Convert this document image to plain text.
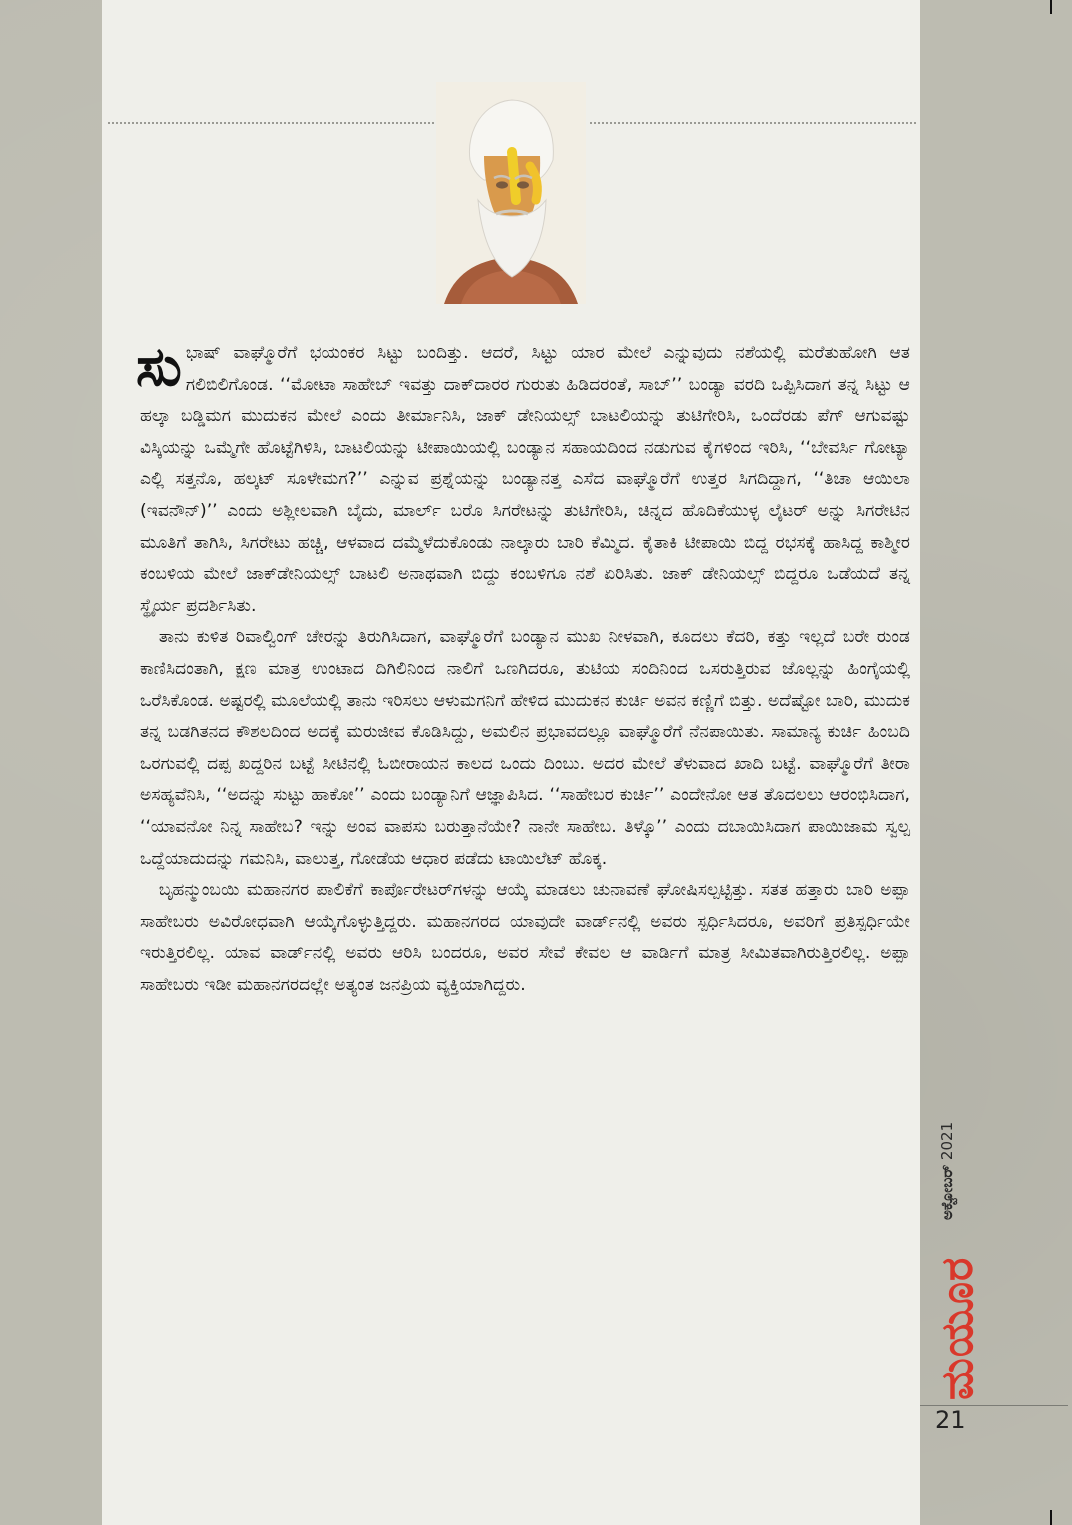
ಸುಭಾಷ್ ವಾಘ್ಮೊರೆಗೆ ಭಯಂಕರ ಸಿಟ್ಟು ಬಂದಿತ್ತು. ಆದರೆ, ಸಿಟ್ಟು ಯಾರ ಮೇಲೆ ಎನ್ನುವುದು ನಶೆಯಲ್ಲಿ ಮರೆತುಹೋಗಿ ಆತ ಗಲಿಬಿಲಿಗೊಂಡ. ‘‘ಮೋಟಾ ಸಾಹೇಬ್ ಇವತ್ತು ದಾಕ್‌ದಾರರ ಗುರುತು ಹಿಡಿದರಂತೆ, ಸಾಬ್’’ ಬಂಡ್ಯಾ ವರದಿ ಒಪ್ಪಿಸಿದಾಗ ತನ್ನ ಸಿಟ್ಟು ಆ ಹಲ್ಕಾ ಬಡ್ಡಿಮಗ ಮುದುಕನ ಮೇಲೆ ಎಂದು ತೀರ್ಮಾನಿಸಿ, ಜಾಕ್ ಡೇನಿಯಲ್ಸ್ ಬಾಟಲಿಯನ್ನು ತುಟಿಗೇರಿಸಿ, ಒಂದೆರಡು ಪೆಗ್ ಆಗುವಷ್ಟು ವಿಸ್ಕಿಯನ್ನು ಒಮ್ಮೆಗೇ ಹೊಟ್ಟೆಗಿಳಿಸಿ, ಬಾಟಲಿಯನ್ನು ಟೀಪಾಯಿಯಲ್ಲಿ ಬಂಡ್ಯಾನ ಸಹಾಯದಿಂದ ನಡುಗುವ ಕೈಗಳಿಂದ ಇರಿಸಿ, ‘‘ಬೇವರ್ಸಿ ಗೋಟ್ಯಾ ಎಲ್ಲಿ ಸತ್ತನೊ, ಹಲ್ಕಟ್ ಸೂಳೇಮಗ?’’ ಎನ್ನುವ ಪ್ರಶ್ನೆಯನ್ನು ಬಂಡ್ಯಾನತ್ತ ಎಸೆದ ವಾಘ್ಮೊರೆಗೆ ಉತ್ತರ ಸಿಗದಿದ್ದಾಗ, ‘‘ತಿಚಾ ಆಯಿಲಾ (ಇವನೌನ್)’’ ಎಂದು ಅಶ್ಲೀಲವಾಗಿ ಬೈದು, ಮಾರ್ಲ್ ಬರೊ ಸಿಗರೇಟನ್ನು ತುಟಿಗೇರಿಸಿ, ಚಿನ್ನದ ಹೊದಿಕೆಯುಳ್ಳ ಲೈಟರ್ ಅನ್ನು ಸಿಗರೇಟಿನ ಮೂತಿಗೆ ತಾಗಿಸಿ, ಸಿಗರೇಟು ಹಚ್ಚಿ, ಆಳವಾದ ದಮ್ಮೆಳೆದುಕೊಂಡು ನಾಲ್ಕಾರು ಬಾರಿ ಕೆಮ್ಮಿದ. ಕೈತಾಕಿ ಟೀಪಾಯಿ ಬಿದ್ದ ರಭಸಕ್ಕೆ ಹಾಸಿದ್ದ ಕಾಶ್ಮೀರ ಕಂಬಳಿಯ ಮೇಲೆ ಜಾಕ್‌ಡೇನಿಯಲ್ಸ್ ಬಾಟಲಿ ಅನಾಥವಾಗಿ ಬಿದ್ದು ಕಂಬಳಿಗೂ ನಶೆ ಏರಿಸಿತು. ಜಾಕ್ ಡೇನಿಯಲ್ಸ್ ಬಿದ್ದರೂ ಒಡೆಯದೆ ತನ್ನ ಸ್ಥೈರ್ಯ ಪ್ರದರ್ಶಿಸಿತು.

ತಾನು ಕುಳಿತ ರಿವಾಲ್ವಿಂಗ್ ಚೇರನ್ನು ತಿರುಗಿಸಿದಾಗ, ವಾಘ್ಮೊರೆಗೆ ಬಂಡ್ಯಾನ ಮುಖ ನೀಳವಾಗಿ, ಕೂದಲು ಕೆದರಿ, ಕತ್ತು ಇಲ್ಲದೆ ಬರೇ ರುಂಡ ಕಾಣಿಸಿದಂತಾಗಿ, ಕ್ಷಣ ಮಾತ್ರ ಉಂಟಾದ ದಿಗಿಲಿನಿಂದ ನಾಲಿಗೆ ಒಣಗಿದರೂ, ತುಟಿಯ ಸಂದಿನಿಂದ ಒಸರುತ್ತಿರುವ ಜೊಲ್ಲನ್ನು ಹಿಂಗೈಯಲ್ಲಿ ಒರೆಸಿಕೊಂಡ. ಅಷ್ಟರಲ್ಲಿ ಮೂಲೆಯಲ್ಲಿ ತಾನು ಇರಿಸಲು ಆಳುಮಗನಿಗೆ ಹೇಳಿದ ಮುದುಕನ ಕುರ್ಚಿ ಅವನ ಕಣ್ಣಿಗೆ ಬಿತ್ತು. ಅದೆಷ್ಟೋ ಬಾರಿ, ಮುದುಕ ತನ್ನ ಬಡಗಿತನದ ಕೌಶಲದಿಂದ ಅದಕ್ಕೆ ಮರುಜೀವ ಕೊಡಿಸಿದ್ದು, ಅಮಲಿನ ಪ್ರಭಾವದಲ್ಲೂ ವಾಘ್ಮೊರೆಗೆ ನೆನಪಾಯಿತು. ಸಾಮಾನ್ಯ ಕುರ್ಚಿ ಹಿಂಬದಿ ಒರಗುವಲ್ಲಿ ದಪ್ಪ ಖದ್ದರಿನ ಬಟ್ಟೆ ಸೀಟಿನಲ್ಲಿ ಓಬೀರಾಯನ ಕಾಲದ ಒಂದು ದಿಂಬು. ಅದರ ಮೇಲೆ ತೆಳುವಾದ ಖಾದಿ ಬಟ್ಟೆ. ವಾಘ್ಮೊರೆಗೆ ತೀರಾ ಅಸಹ್ಯವೆನಿಸಿ, ‘‘ಅದನ್ನು ಸುಟ್ಟು ಹಾಕೋ’’ ಎಂದು ಬಂಡ್ಯಾನಿಗೆ ಆಜ್ಞಾಪಿಸಿದ. ‘‘ಸಾಹೇಬರ ಕುರ್ಚಿ’’ ಎಂದೇನೋ ಆತ ತೊದಲಲು ಆರಂಭಿಸಿದಾಗ, ‘‘ಯಾವನೋ ನಿನ್ನ ಸಾಹೇಬ? ಇನ್ನು ಅಂವ ವಾಪಸು ಬರುತ್ತಾನೆಯೇ? ನಾನೇ ಸಾಹೇಬ. ತಿಳ್ಕೊ’’ ಎಂದು ದಬಾಯಿಸಿದಾಗ ಪಾಯಿಜಾಮ ಸ್ವಲ್ಪ ಒದ್ದೆಯಾದುದನ್ನು ಗಮನಿಸಿ, ವಾಲುತ್ತ, ಗೋಡೆಯ ಆಧಾರ ಪಡೆದು ಟಾಯಿಲೆಟ್ ಹೊಕ್ಕ.

ಬೃಹನ್ಮುಂಬಯಿ ಮಹಾನಗರ ಪಾಲಿಕೆಗೆ ಕಾರ್ಪೊರೇಟರ್‌ಗಳನ್ನು ಆಯ್ಕೆ ಮಾಡಲು ಚುನಾವಣೆ ಘೋಷಿಸಲ್ಪಟ್ಟಿತ್ತು. ಸತತ ಹತ್ತಾರು ಬಾರಿ ಅಪ್ಪಾ ಸಾಹೇಬರು ಅವಿರೋಧವಾಗಿ ಆಯ್ಕೆಗೊಳ್ಳುತ್ತಿದ್ದರು. ಮಹಾನಗರದ ಯಾವುದೇ ವಾರ್ಡ್‌ನಲ್ಲಿ ಅವರು ಸ್ಪರ್ಧಿಸಿದರೂ, ಅವರಿಗೆ ಪ್ರತಿಸ್ಪರ್ಧಿಯೇ ಇರುತ್ತಿರಲಿಲ್ಲ. ಯಾವ ವಾರ್ಡ್‌ನಲ್ಲಿ ಅವರು ಆರಿಸಿ ಬಂದರೂ, ಅವರ ಸೇವೆ ಕೇವಲ ಆ ವಾರ್ಡಿಗೆ ಮಾತ್ರ ಸೀಮಿತವಾಗಿರುತ್ತಿರಲಿಲ್ಲ. ಅಪ್ಪಾ ಸಾಹೇಬರು ಇಡೀ ಮಹಾನಗರದಲ್ಲೇ ಅತ್ಯಂತ ಜನಪ್ರಿಯ ವ್ಯಕ್ತಿಯಾಗಿದ್ದರು.

ಅಕ್ಟೋಬರ್ 2021
ಮಯೂರ
21
